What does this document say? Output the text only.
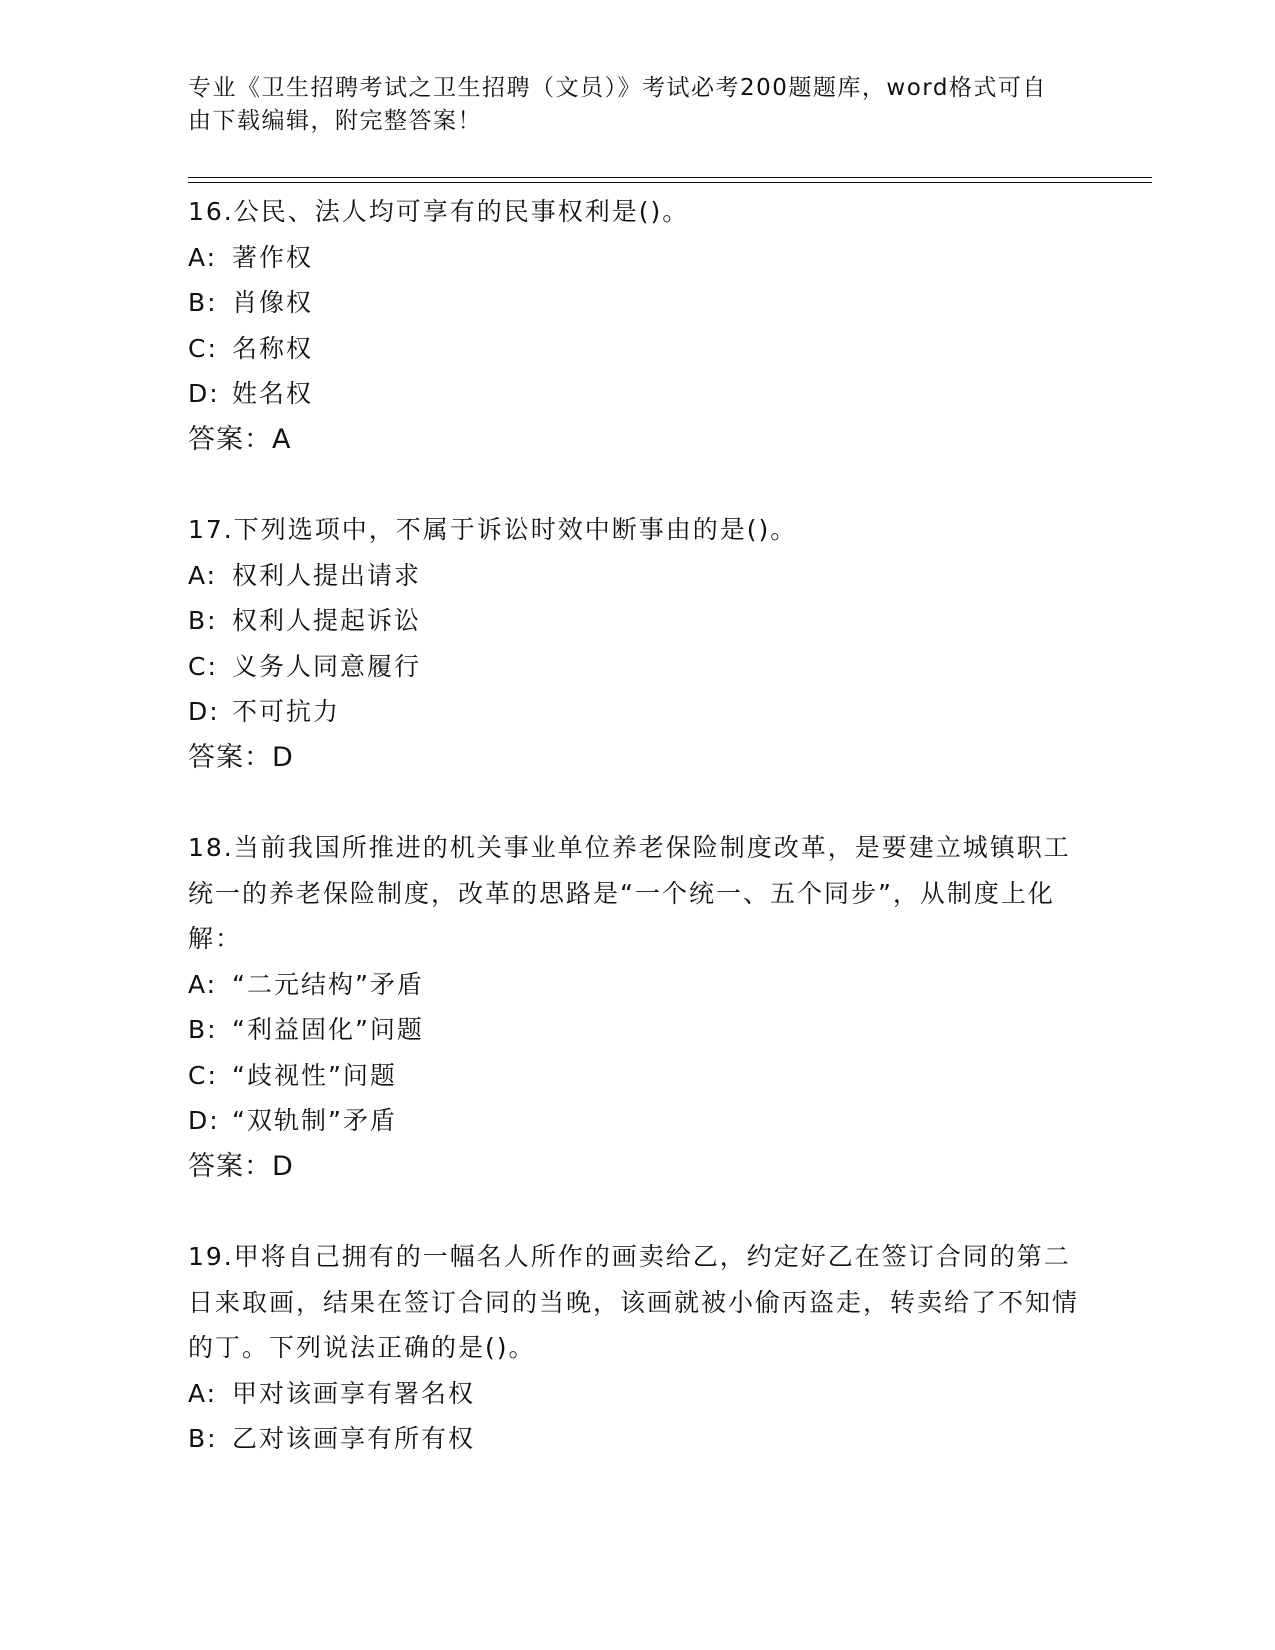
专业《卫生招聘考试之卫生招聘（文员）》考试必考200题题库，word格式可自由下载编辑，附完整答案！
16.公民、法人均可享有的民事权利是()。
A: 著作权
B: 肖像权
C: 名称权
D: 姓名权
答案：A
17.下列选项中，不属于诉讼时效中断事由的是()。
A: 权利人提出请求
B: 权利人提起诉讼
C: 义务人同意履行
D: 不可抗力
答案：D
18.当前我国所推进的机关事业单位养老保险制度改革，是要建立城镇职工统一的养老保险制度，改革的思路是“一个统一、五个同步”，从制度上化解：
A: “二元结构”矛盾
B: “利益固化”问题
C: “歧视性”问题
D: “双轨制”矛盾
答案：D
19.甲将自己拥有的一幅名人所作的画卖给乙，约定好乙在签订合同的第二日来取画，结果在签订合同的当晚，该画就被小偷丙盗走，转卖给了不知情的丁。下列说法正确的是()。
A: 甲对该画享有署名权
B: 乙对该画享有所有权
